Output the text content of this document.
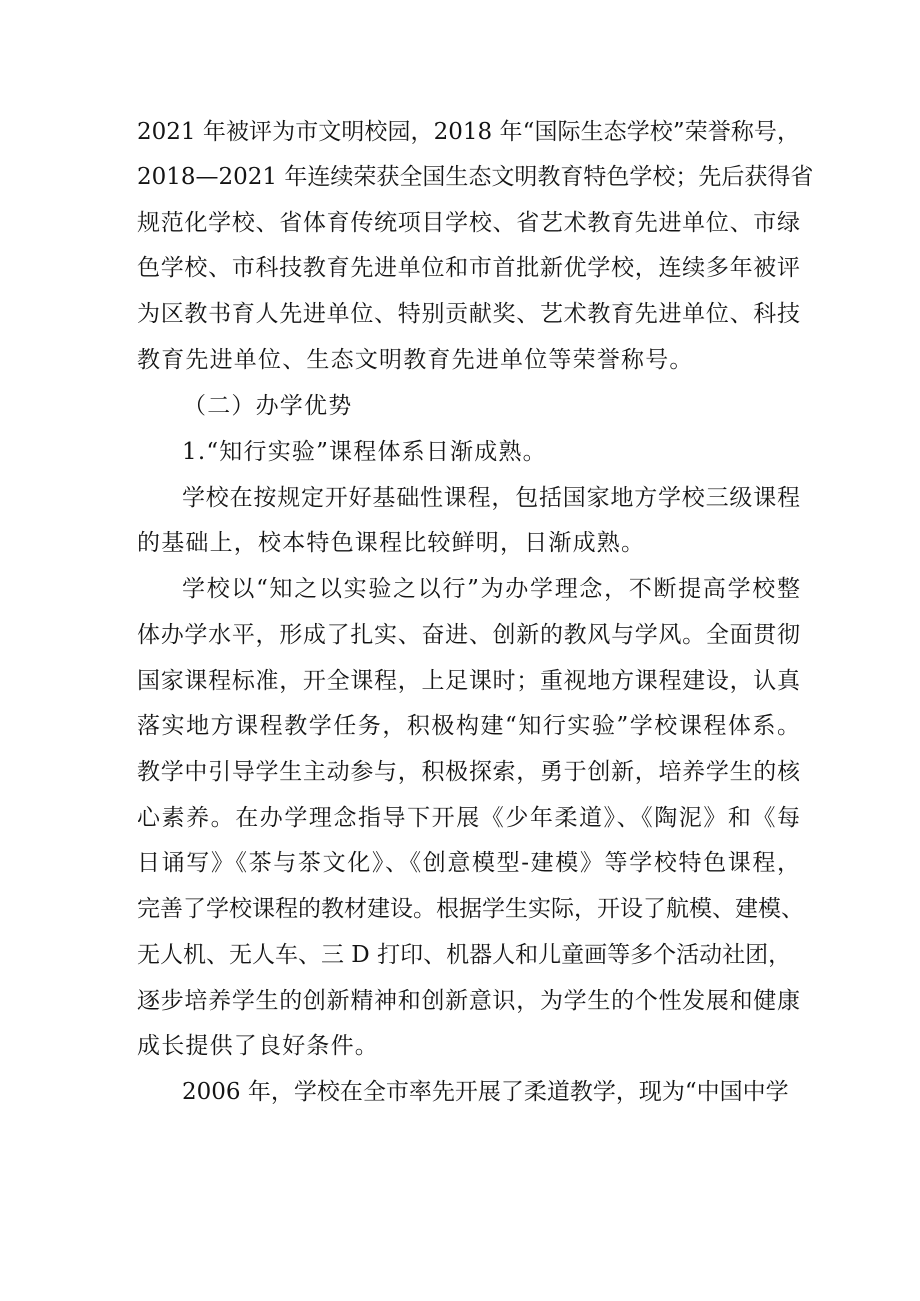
2021 年被评为市文明校园，2018 年“国际生态学校”荣誉称号，
2018—2021 年连续荣获全国生态文明教育特色学校；先后获得省
规范化学校、省体育传统项目学校、省艺术教育先进单位、市绿
色学校、市科技教育先进单位和市首批新优学校，连续多年被评
为区教书育人先进单位、特别贡献奖、艺术教育先进单位、科技
教育先进单位、生态文明教育先进单位等荣誉称号。
（二）办学优势
1.“知行实验”课程体系日渐成熟。
学校在按规定开好基础性课程，包括国家地方学校三级课程
的基础上，校本特色课程比较鲜明，日渐成熟。
学校以“知之以实验之以行”为办学理念，不断提高学校整
体办学水平，形成了扎实、奋进、创新的教风与学风。全面贯彻
国家课程标准，开全课程，上足课时；重视地方课程建设，认真
落实地方课程教学任务，积极构建“知行实验”学校课程体系。
教学中引导学生主动参与，积极探索，勇于创新，培养学生的核
心素养。在办学理念指导下开展《少年柔道》、《陶泥》和《每
日诵写》《茶与茶文化》、《创意模型-建模》等学校特色课程，
完善了学校课程的教材建设。根据学生实际，开设了航模、建模、
无人机、无人车、三 D 打印、机器人和儿童画等多个活动社团，
逐步培养学生的创新精神和创新意识，为学生的个性发展和健康
成长提供了良好条件。
2006 年，学校在全市率先开展了柔道教学，现为“中国中学
